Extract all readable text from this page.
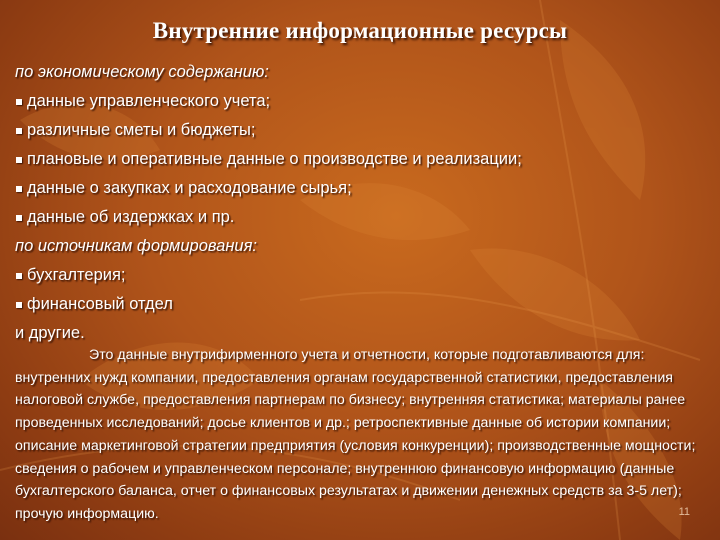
Внутренние информационные ресурсы
по экономическому содержанию:
данные управленческого учета;
различные сметы и бюджеты;
плановые и оперативные данные о производстве и реализации;
данные о закупках и расходование сырья;
данные об издержках и пр.
по источникам формирования:
бухгалтерия;
финансовый отдел
и другие.
Это данные внутрифирменного учета и отчетности, которые подготавливаются для: внутренних нужд компании, предоставления органам государственной статистики, предоставления налоговой службе, предоставления партнерам по бизнесу; внутренняя статистика; материалы ранее проведенных исследований; досье клиентов и др.; ретроспективные данные об истории компании; описание маркетинговой стратегии предприятия (условия конкуренции); производственные мощности; сведения о рабочем и управленческом персонале; внутреннюю финансовую информацию (данные бухгалтерского баланса, отчет о финансовых результатах и движении денежных средств за 3-5 лет); прочую информацию.	11
